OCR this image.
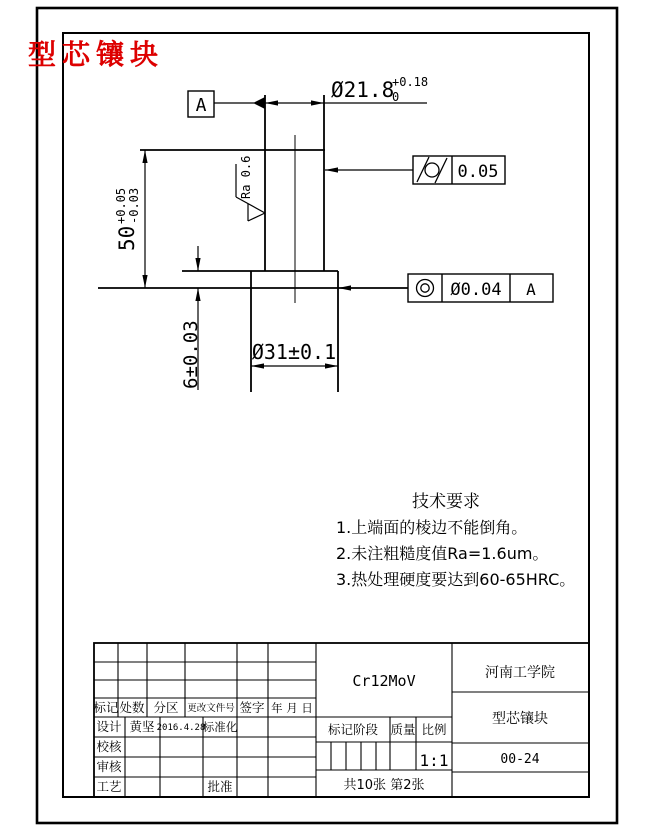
型芯镶块
A
Ø21.8
+0.18
0
50
+0.05 -0.03
6±0.03 Ø31±0.1
Ra 0.6	0.05
Ø0.04 A
技术要求
1.上端面的棱边不能倒角。
2.未注粗糙度值Ra=1.6um。
3.热处理硬度要达到60-65HRC。
标记 处数 分区 更改文件号 签字 年 月 日
设计 黄坚 2016.4.28
标准化
校核
审核
工艺	批准
Cr12MoV
标记阶段 质量 比例
1:1
共10张 第2张
河南工学院
型芯镶块
00-24
